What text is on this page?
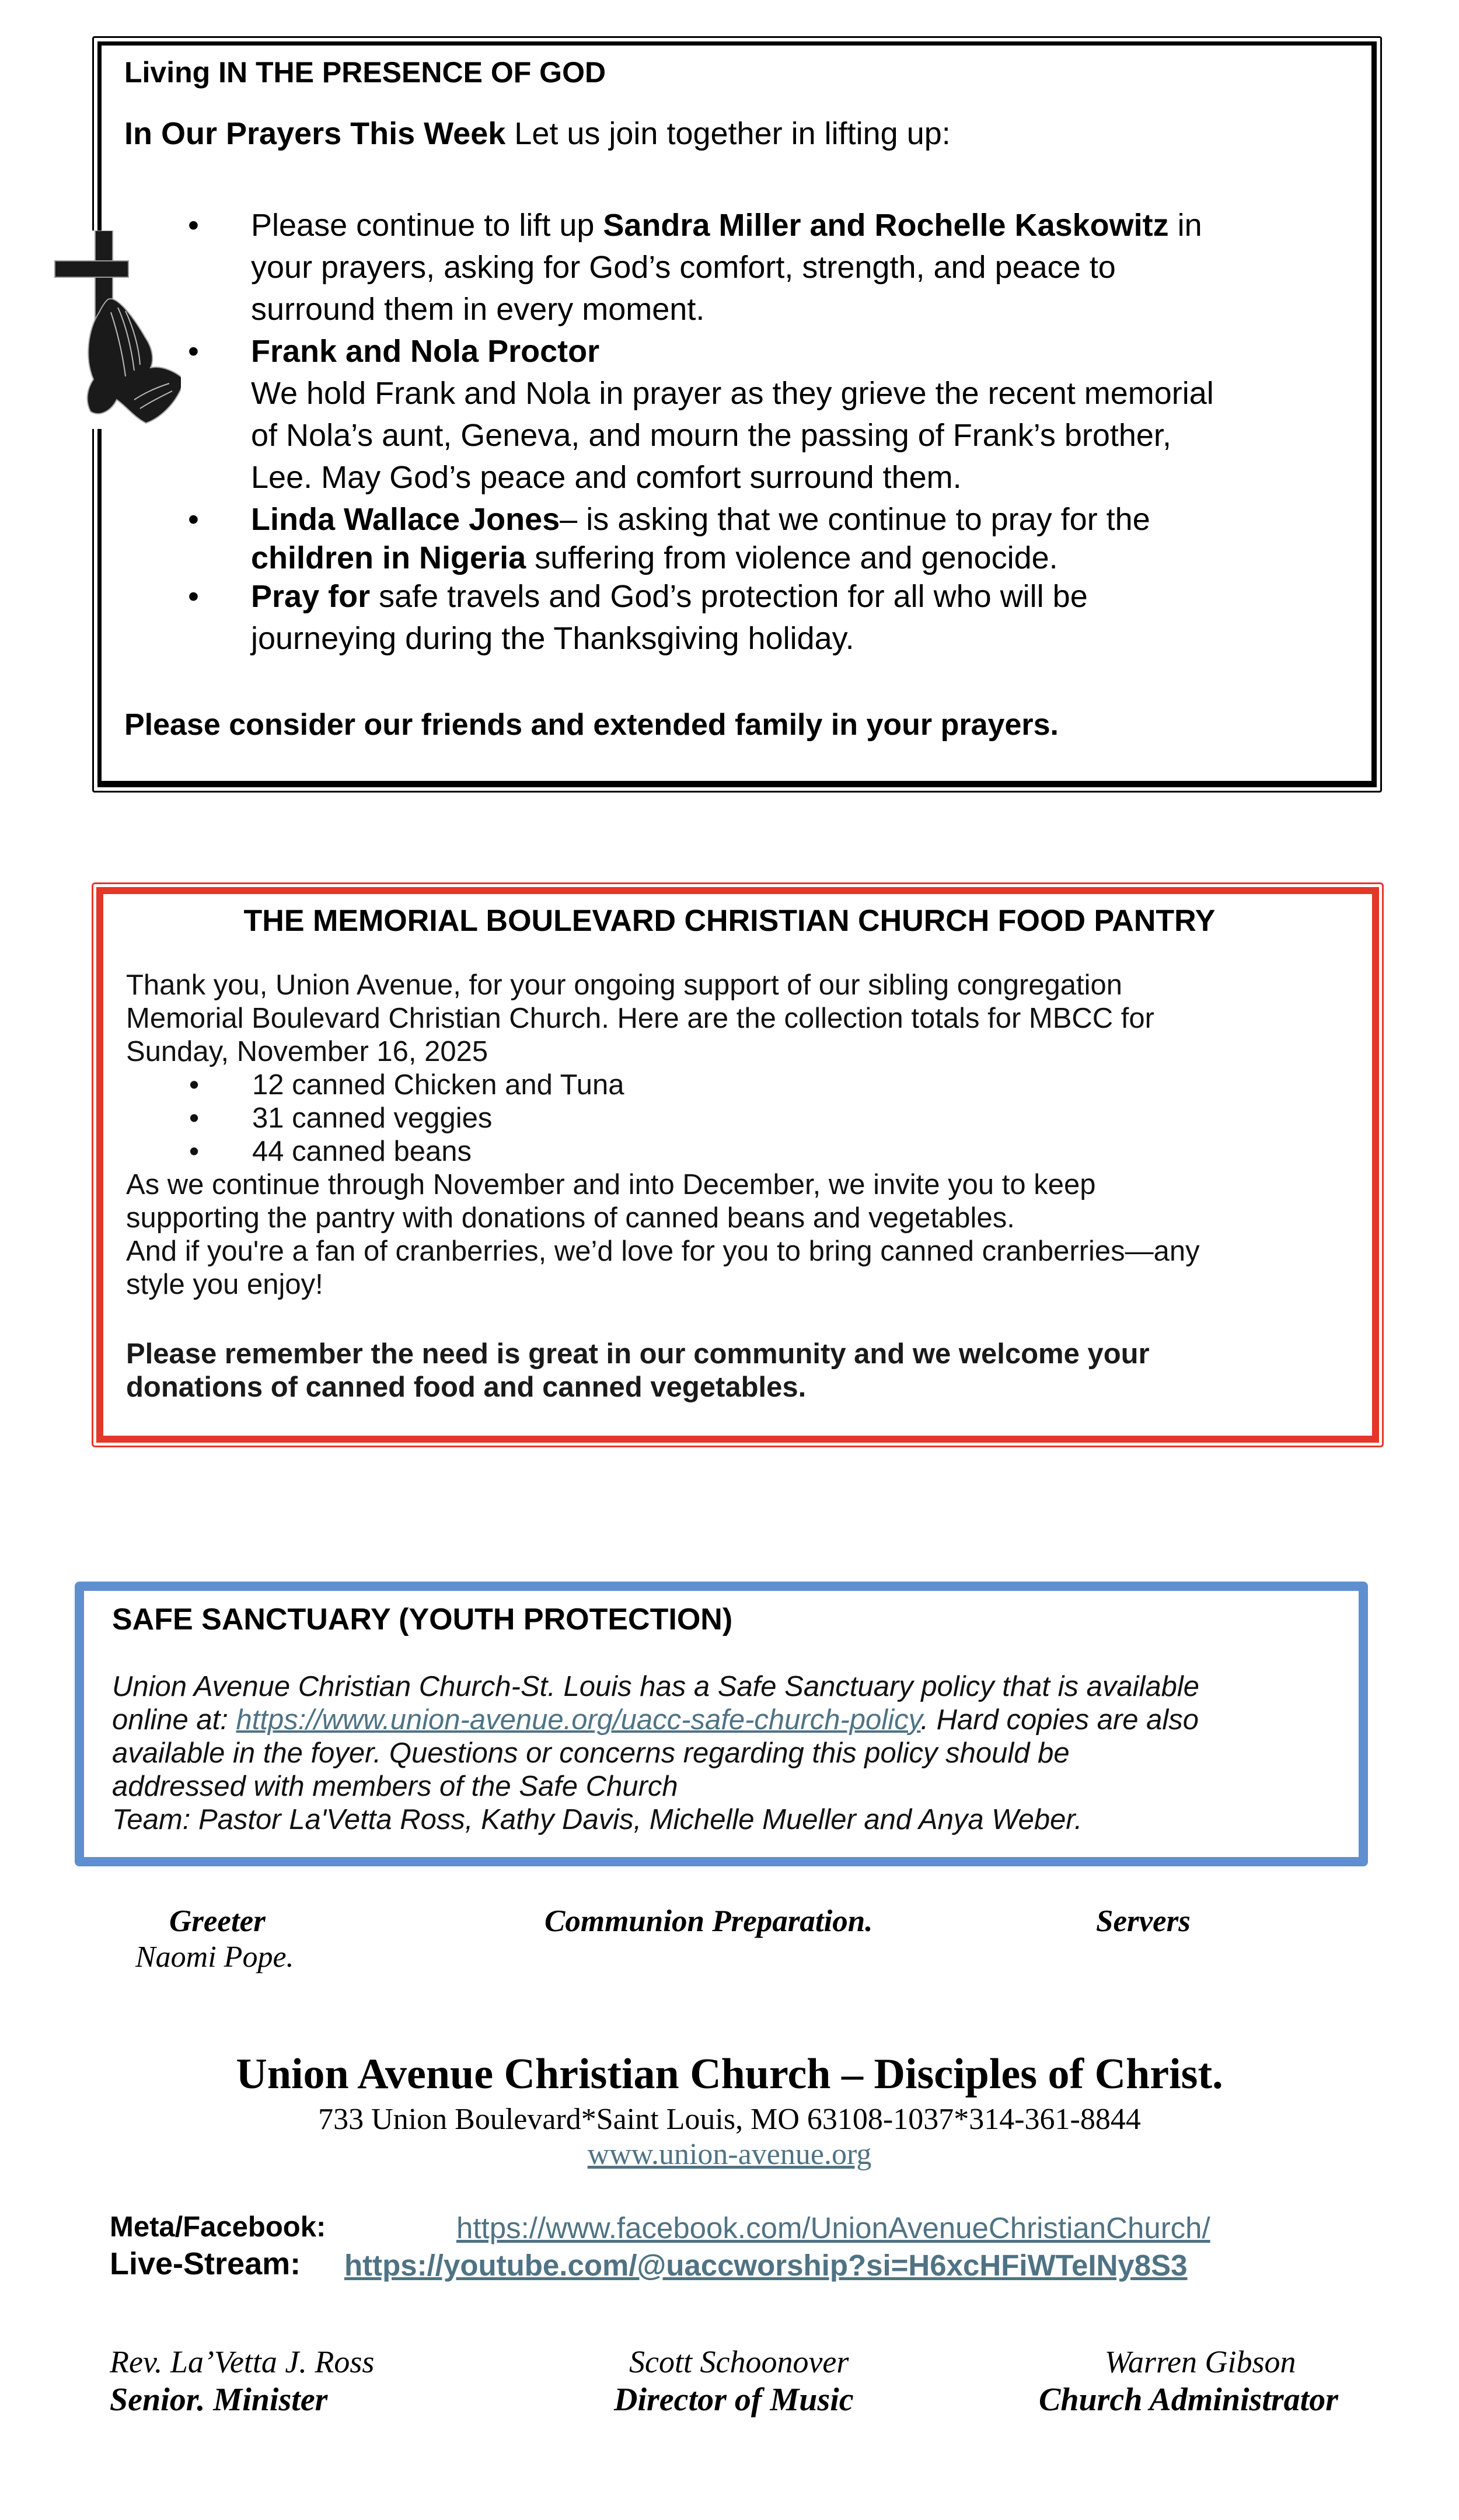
Living IN THE PRESENCE OF GOD
In Our Prayers This Week Let us join together in lifting up:
• Please continue to lift up Sandra Miller and Rochelle Kaskowitz in
your prayers, asking for God’s comfort, strength, and peace to
surround them in every moment.
• Frank and Nola Proctor
We hold Frank and Nola in prayer as they grieve the recent memorial
of Nola’s aunt, Geneva, and mourn the passing of Frank’s brother,
Lee. May God’s peace and comfort surround them.
• Linda Wallace Jones– is asking that we continue to pray for the
children in Nigeria suffering from violence and genocide.
• Pray for safe travels and God’s protection for all who will be
journeying during the Thanksgiving holiday.
Please consider our friends and extended family in your prayers.
THE MEMORIAL BOULEVARD CHRISTIAN CHURCH FOOD PANTRY
Thank you, Union Avenue, for your ongoing support of our sibling congregation
Memorial Boulevard Christian Church. Here are the collection totals for MBCC for
Sunday, November 16, 2025
• 12 canned Chicken and Tuna
• 31 canned veggies
• 44 canned beans
As we continue through November and into December, we invite you to keep
supporting the pantry with donations of canned beans and vegetables.
And if you're a fan of cranberries, we’d love for you to bring canned cranberries—any
style you enjoy!
Please remember the need is great in our community and we welcome your
donations of canned food and canned vegetables.
SAFE SANCTUARY (YOUTH PROTECTION)
Union Avenue Christian Church-St. Louis has a Safe Sanctuary policy that is available
online at: https://www.union-avenue.org/uacc-safe-church-policy. Hard copies are also
available in the foyer. Questions or concerns regarding this policy should be
addressed with members of the Safe Church
Team: Pastor La'Vetta Ross, Kathy Davis, Michelle Mueller and Anya Weber.
Greeter
Naomi Pope.
Communion Preparation.	Servers
Union Avenue Christian Church – Disciples of Christ.
733 Union Boulevard*Saint Louis, MO 63108-1037*314-361-8844
www.union-avenue.org
Meta/Facebook:	https://www.facebook.com/UnionAvenueChristianChurch/
Live-Stream: https://youtube.com/@uaccworship?si=H6xcHFiWTeINy8S3
Rev. La’Vetta J. Ross
Senior. Minister
Scott Schoonover
Director of Music
Warren Gibson
Church Administrator
